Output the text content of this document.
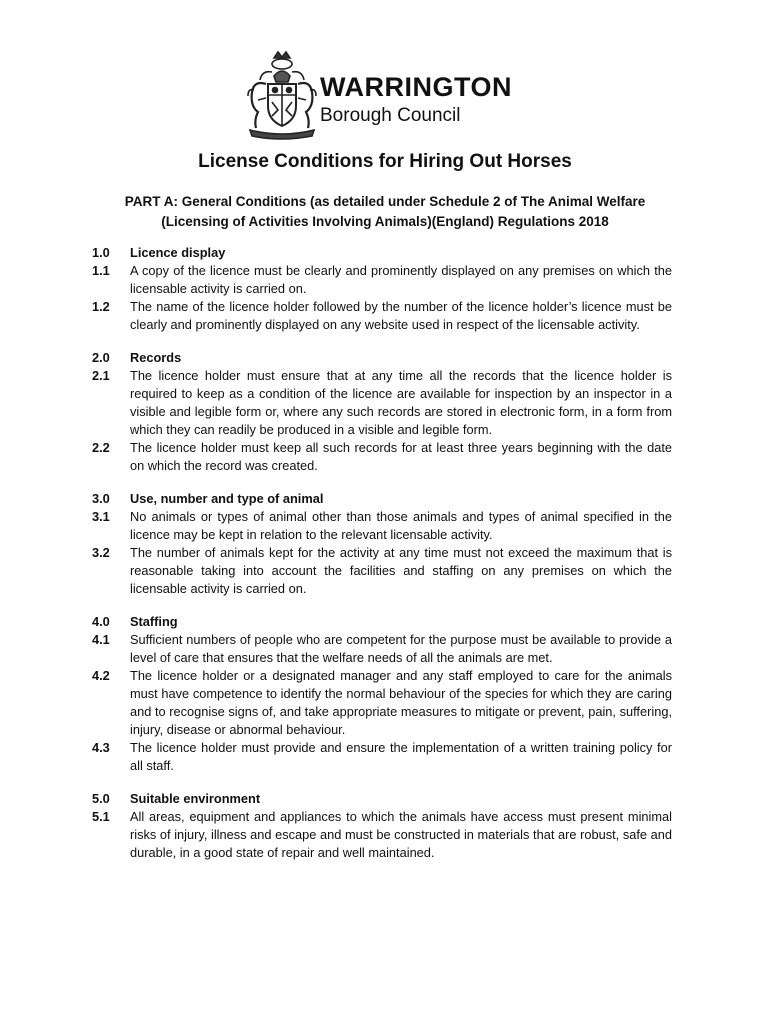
WARRINGTON
Borough Council
License Conditions for Hiring Out Horses
PART A: General Conditions (as detailed under Schedule 2 of The Animal Welfare (Licensing of Activities Involving Animals)(England) Regulations 2018
1.0	Licence display
1.1	A copy of the licence must be clearly and prominently displayed on any premises on which the licensable activity is carried on.
1.2	The name of the licence holder followed by the number of the licence holder’s licence must be clearly and prominently displayed on any website used in respect of the licensable activity.
2.0	Records
2.1	The licence holder must ensure that at any time all the records that the licence holder is required to keep as a condition of the licence are available for inspection by an inspector in a visible and legible form or, where any such records are stored in electronic form, in a form from which they can readily be produced in a visible and legible form.
2.2	The licence holder must keep all such records for at least three years beginning with the date on which the record was created.
3.0	Use, number and type of animal
3.1	No animals or types of animal other than those animals and types of animal specified in the licence may be kept in relation to the relevant licensable activity.
3.2	The number of animals kept for the activity at any time must not exceed the maximum that is reasonable taking into account the facilities and staffing on any premises on which the licensable activity is carried on.
4.0	Staffing
4.1	Sufficient numbers of people who are competent for the purpose must be available to provide a level of care that ensures that the welfare needs of all the animals are met.
4.2	The licence holder or a designated manager and any staff employed to care for the animals must have competence to identify the normal behaviour of the species for which they are caring and to recognise signs of, and take appropriate measures to mitigate or prevent, pain, suffering, injury, disease or abnormal behaviour.
4.3	The licence holder must provide and ensure the implementation of a written training policy for all staff.
5.0	Suitable environment
5.1	All areas, equipment and appliances to which the animals have access must present minimal risks of injury, illness and escape and must be constructed in materials that are robust, safe and durable, in a good state of repair and well maintained.
